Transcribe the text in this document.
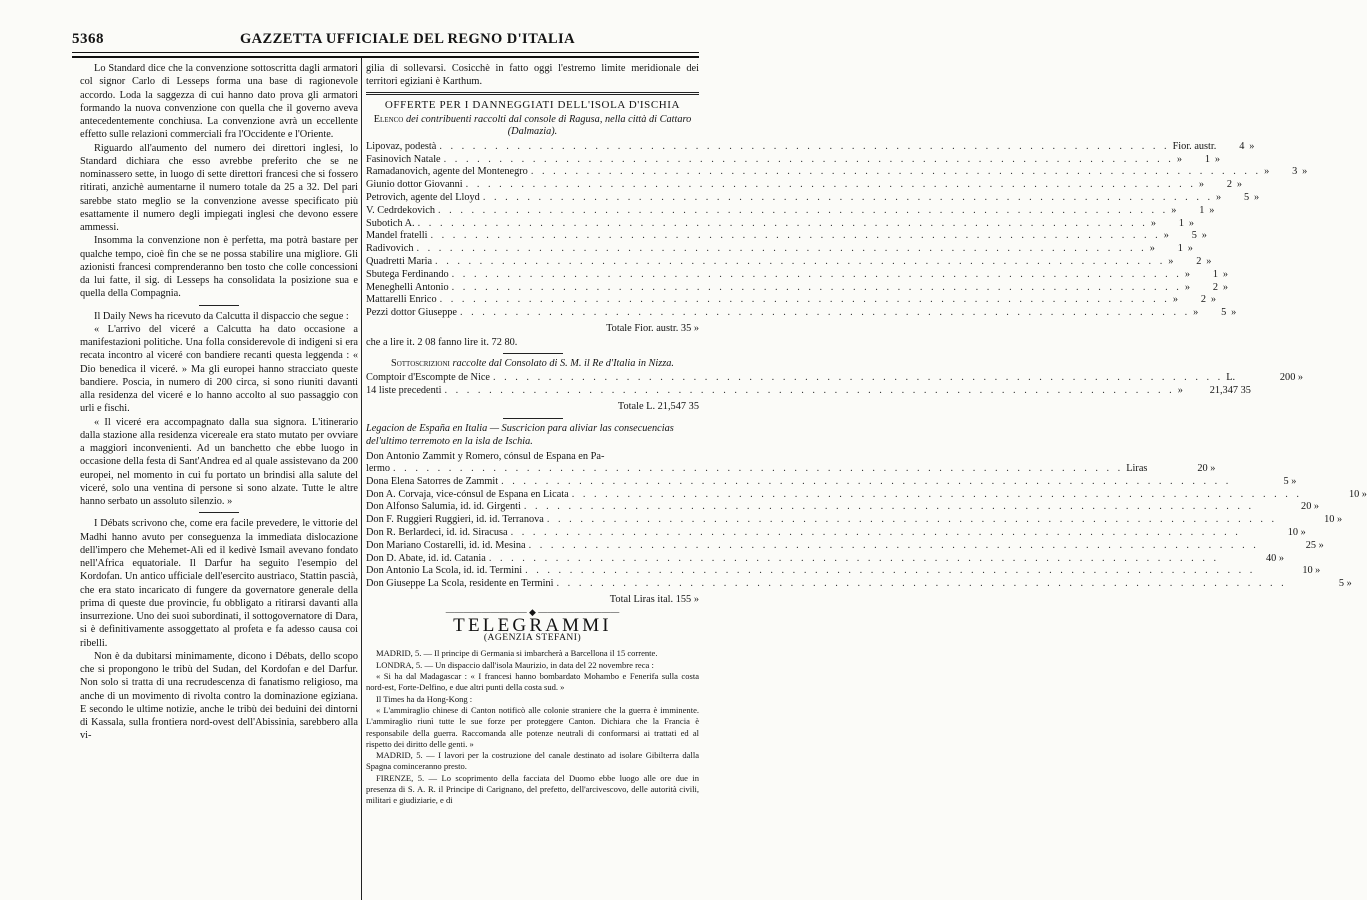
5368	GAZZETTA UFFICIALE DEL REGNO D'ITALIA

Lo Standard dice che la convenzione sottoscritta dagli armatori col signor Carlo di Lesseps forma una base di ragionevole accordo. Loda la saggezza di cui hanno dato prova gli armatori formando la nuova convenzione con quella che il governo aveva antecedentemente conchiusa. La convenzione avrà un eccellente effetto sulle relazioni commerciali fra l'Occidente e l'Oriente.

Riguardo all'aumento del numero dei direttori inglesi, lo Standard dichiara che esso avrebbe preferito che se ne nominassero sette, in luogo di sette direttori francesi che si fossero ritirati, anzichè aumentarne il numero totale da 25 a 32. Del pari sarebbe stato meglio se la convenzione avesse specificato più esattamente il numero degli impiegati inglesi che devono essere ammessi.

Insomma la convenzione non è perfetta, ma potrà bastare per qualche tempo, cioè fin che se ne possa stabilire una migliore. Gli azionisti francesi comprenderanno ben tosto che colle concessioni da lui fatte, il sig. di Lesseps ha consolidata la posizione sua e quella della Compagnia.

Il Daily News ha ricevuto da Calcutta il dispaccio che segue :

« L'arrivo del viceré a Calcutta ha dato occasione a manifestazioni politiche. Una folla considerevole di indigeni si era recata incontro al viceré con bandiere recanti questa leggenda : « Dio benedica il viceré. » Ma gli europei hanno stracciato queste bandiere. Poscia, in numero di 200 circa, si sono riuniti davanti alla residenza del viceré e lo hanno accolto al suo passaggio con urli e fischi.

« Il viceré era accompagnato dalla sua signora. L'itinerario dalla stazione alla residenza vicereale era stato mutato per ovviare a maggiori inconvenienti. Ad un banchetto che ebbe luogo in occasione della festa di Sant'Andrea ed al quale assistevano da 200 europei, nel momento in cui fu portato un brindisi alla salute del viceré, solo una ventina di persone si sono alzate. Tutte le altre hanno serbato un assoluto silenzio. »

I Débats scrivono che, come era facile prevedere, le vittorie del Madhi hanno avuto per conseguenza la immediata dislocazione dell'impero che Mehemet-Alì ed il kedivè Ismail avevano fondato nell'Africa equatoriale. Il Darfur ha seguito l'esempio del Kordofan. Un antico ufficiale dell'esercito austriaco, Stattin pascià, che era stato incaricato di fungere da governatore generale della prima di queste due provincie, fu obbligato a ritirarsi davanti alla insurrezione. Uno dei suoi subordinati, il sottogovernatore di Dara, si è definitivamente assoggettato al profeta e fa adesso causa coi ribelli.

Non è da dubitarsi minimamente, dicono i Débats, dello scopo che si propongono le tribù del Sudan, del Kordofan e del Darfur. Non solo si tratta di una recrudescenza di fanatismo religioso, ma anche di un movimento di rivolta contro la dominazione egiziana. E secondo le ultime notizie, anche le tribù dei beduini dei dintorni di Kassala, sulla frontiera nord-ovest dell'Abissinia, sarebbero alla vi-

gilia di sollevarsi. Cosicchè in fatto oggi l'estremo limite meridionale dei territori egiziani è Karthum.

OFFERTE PER I DANNEGGIATI DELL'ISOLA D'ISCHIA
Elenco dei contribuenti raccolti dal console di Ragusa, nella città di Cattaro (Dalmazia).
Lipovaz, podestà . . .	Fior. austr.	4 »
Fasinovich Natale . . .	»	1 »
Ramadanovich, agente del Montenegro . . .	»	3 »
Giunio dottor Giovanni . . .	»	2 »
Petrovich, agente del Lloyd . . .	»	5 »
V. Cedrdekovich . . .	»	1 »
Subotich A. . . .	»	1 »
Mandel fratelli . . .	»	5 »
Radivovich . . .	»	1 »
Quadretti Maria . . .	»	2 »
Sbutega Ferdinando . . .	»	1 »
Meneghelli Antonio . . .	»	2 »
Mattarelli Enrico . . .	»	2 »
Pezzi dottor Giuseppe . . .	»	5 »
Totale Fior. austr. 35 »
che a lire it. 2 08 fanno lire it. 72 80.
Sottoscrizioni raccolte dal Consolato di S. M. il Re d'Italia in Nizza.
Comptoir d'Escompte de Nice . . .	L.	200 »
14 liste precedenti . . .	»	21,347 35
Totale L. 21,547 35
Legacion de España en Italia — Suscricion para aliviar las consecuencias del'ultimo terremoto en la isla de Ischia.
Don Antonio Zammit y Romero, cónsul de Espana en Pa-
lermo . . .	Liras	20 »
Dona Elena Satorres de Zammit . . .	5 »
Don A. Corvaja, vice-cónsul de Espana en Licata . . .	10 »
Don Alfonso Salumia, id. id. Girgenti . . .	20 »
Don F. Ruggieri Ruggieri, id. id. Terranova . . .	10 »
Don R. Berlardeci, id. id. Siracusa . . .	10 »
Don Mariano Costarelli, id. id. Mesina . . .	25 »
Don D. Abate, id. id. Catania . . .	40 »
Don Antonio La Scola, id. id. Termini . . .	10 »
Don Giuseppe La Scola, residente en Termini . . .	5 »
Total Liras ital. 155 »
————————— ◆ —————————
TELEGRAMMI
(AGENZIA STEFANI)

MADRID, 5. — Il principe di Germania si imbarcherà a Barcellona il 15 corrente.

LONDRA, 5. — Un dispaccio dall'isola Maurizio, in data del 22 novembre reca :

« Si ha dal Madagascar : « I francesi hanno bombardato Mohambo e Fenerifa sulla costa nord-est, Forte-Delfino, e due altri punti della costa sud. »

Il Times ha da Hong-Kong :

« L'ammiraglio chinese di Canton notificò alle colonie straniere che la guerra è imminente. L'ammiraglio riunì tutte le sue forze per proteggere Canton. Dichiara che la Francia è responsabile della guerra. Raccomanda alle potenze neutrali di conformarsi ai trattati ed al rispetto dei diritto delle genti. »

MADRID, 5. — I lavori per la costruzione del canale destinato ad isolare Gibilterra dalla Spagna cominceranno presto.

FIRENZE, 5. — Lo scoprimento della facciata del Duomo ebbe luogo alle ore due in presenza di S. A. R. il Principe di Carignano, del prefetto, dell'arcivescovo, delle autorità civili, militari e giudiziarie, e di
